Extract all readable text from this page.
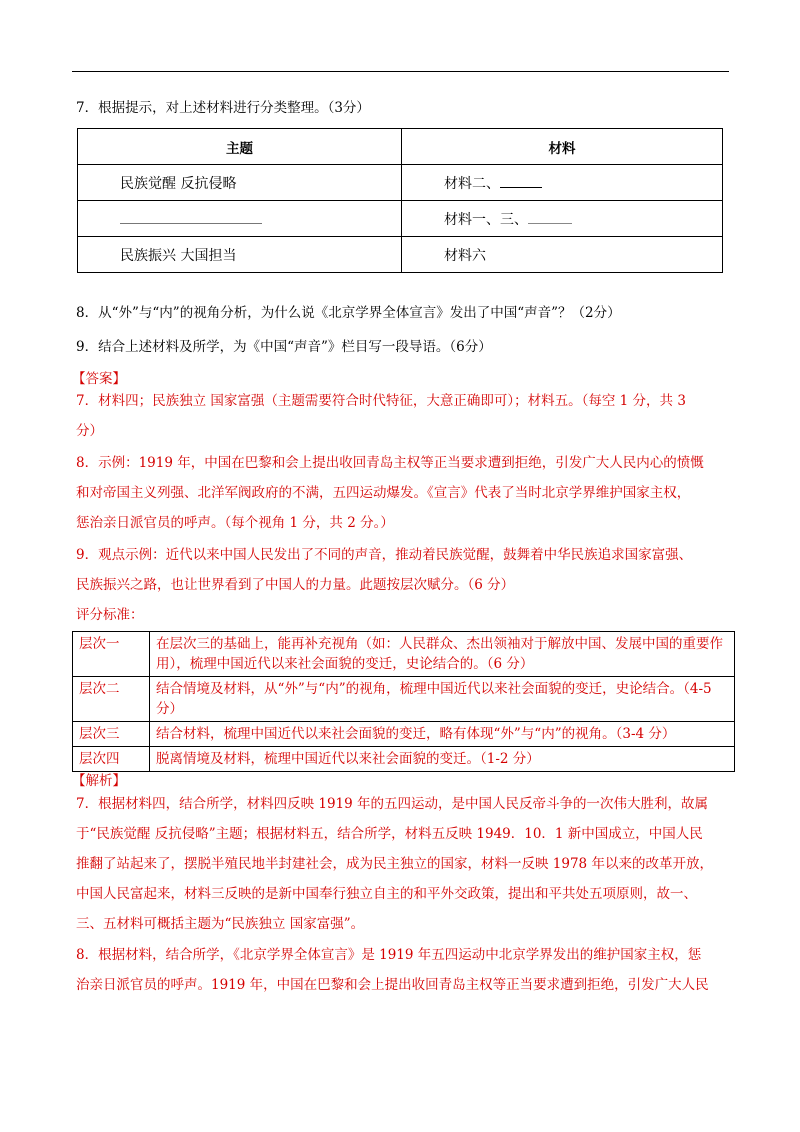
7．根据提示，对上述材料进行分类整理。（3分）
主题	材料
民族觉醒 反抗侵略	材料二、
	材料一、三、
民族振兴 大国担当	材料六
8．从“外”与“内”的视角分析，为什么说《北京学界全体宣言》发出了中国“声音”？（2分）
9．结合上述材料及所学，为《中国“声音”》栏目写一段导语。（6分）
【答案】
7．材料四；民族独立 国家富强（主题需要符合时代特征，大意正确即可）；材料五。（每空 1 分，共 3
分）
8．示例：1919 年，中国在巴黎和会上提出收回青岛主权等正当要求遭到拒绝，引发广大人民内心的愤慨
和对帝国主义列强、北洋军阀政府的不满，五四运动爆发。《宣言》代表了当时北京学界维护国家主权，
惩治亲日派官员的呼声。（每个视角 1 分，共 2 分。）
9．观点示例：近代以来中国人民发出了不同的声音，推动着民族觉醒，鼓舞着中华民族追求国家富强、
民族振兴之路，也让世界看到了中国人的力量。此题按层次赋分。（6 分）
评分标准：
层次一	在层次三的基础上，能再补充视角（如：人民群众、杰出领袖对于解放中国、发展中国的重要作用），梳理中国近代以来社会面貌的变迁，史论结合的。（6 分）
层次二	结合情境及材料，从“外”与“内”的视角，梳理中国近代以来社会面貌的变迁，史论结合。（4-5 分）
层次三	结合材料，梳理中国近代以来社会面貌的变迁，略有体现“外”与“内”的视角。（3-4 分）
层次四	脱离情境及材料，梳理中国近代以来社会面貌的变迁。（1-2 分）
【解析】
7．根据材料四，结合所学，材料四反映 1919 年的五四运动，是中国人民反帝斗争的一次伟大胜利，故属
于“民族觉醒 反抗侵略”主题；根据材料五，结合所学，材料五反映 1949．10．1 新中国成立，中国人民
推翻了站起来了，摆脱半殖民地半封建社会，成为民主独立的国家，材料一反映 1978 年以来的改革开放，
中国人民富起来，材料三反映的是新中国奉行独立自主的和平外交政策，提出和平共处五项原则，故一、
三、五材料可概括主题为“民族独立 国家富强”。
8．根据材料，结合所学，《北京学界全体宣言》是 1919 年五四运动中北京学界发出的维护国家主权，惩
治亲日派官员的呼声。1919 年，中国在巴黎和会上提出收回青岛主权等正当要求遭到拒绝，引发广大人民
